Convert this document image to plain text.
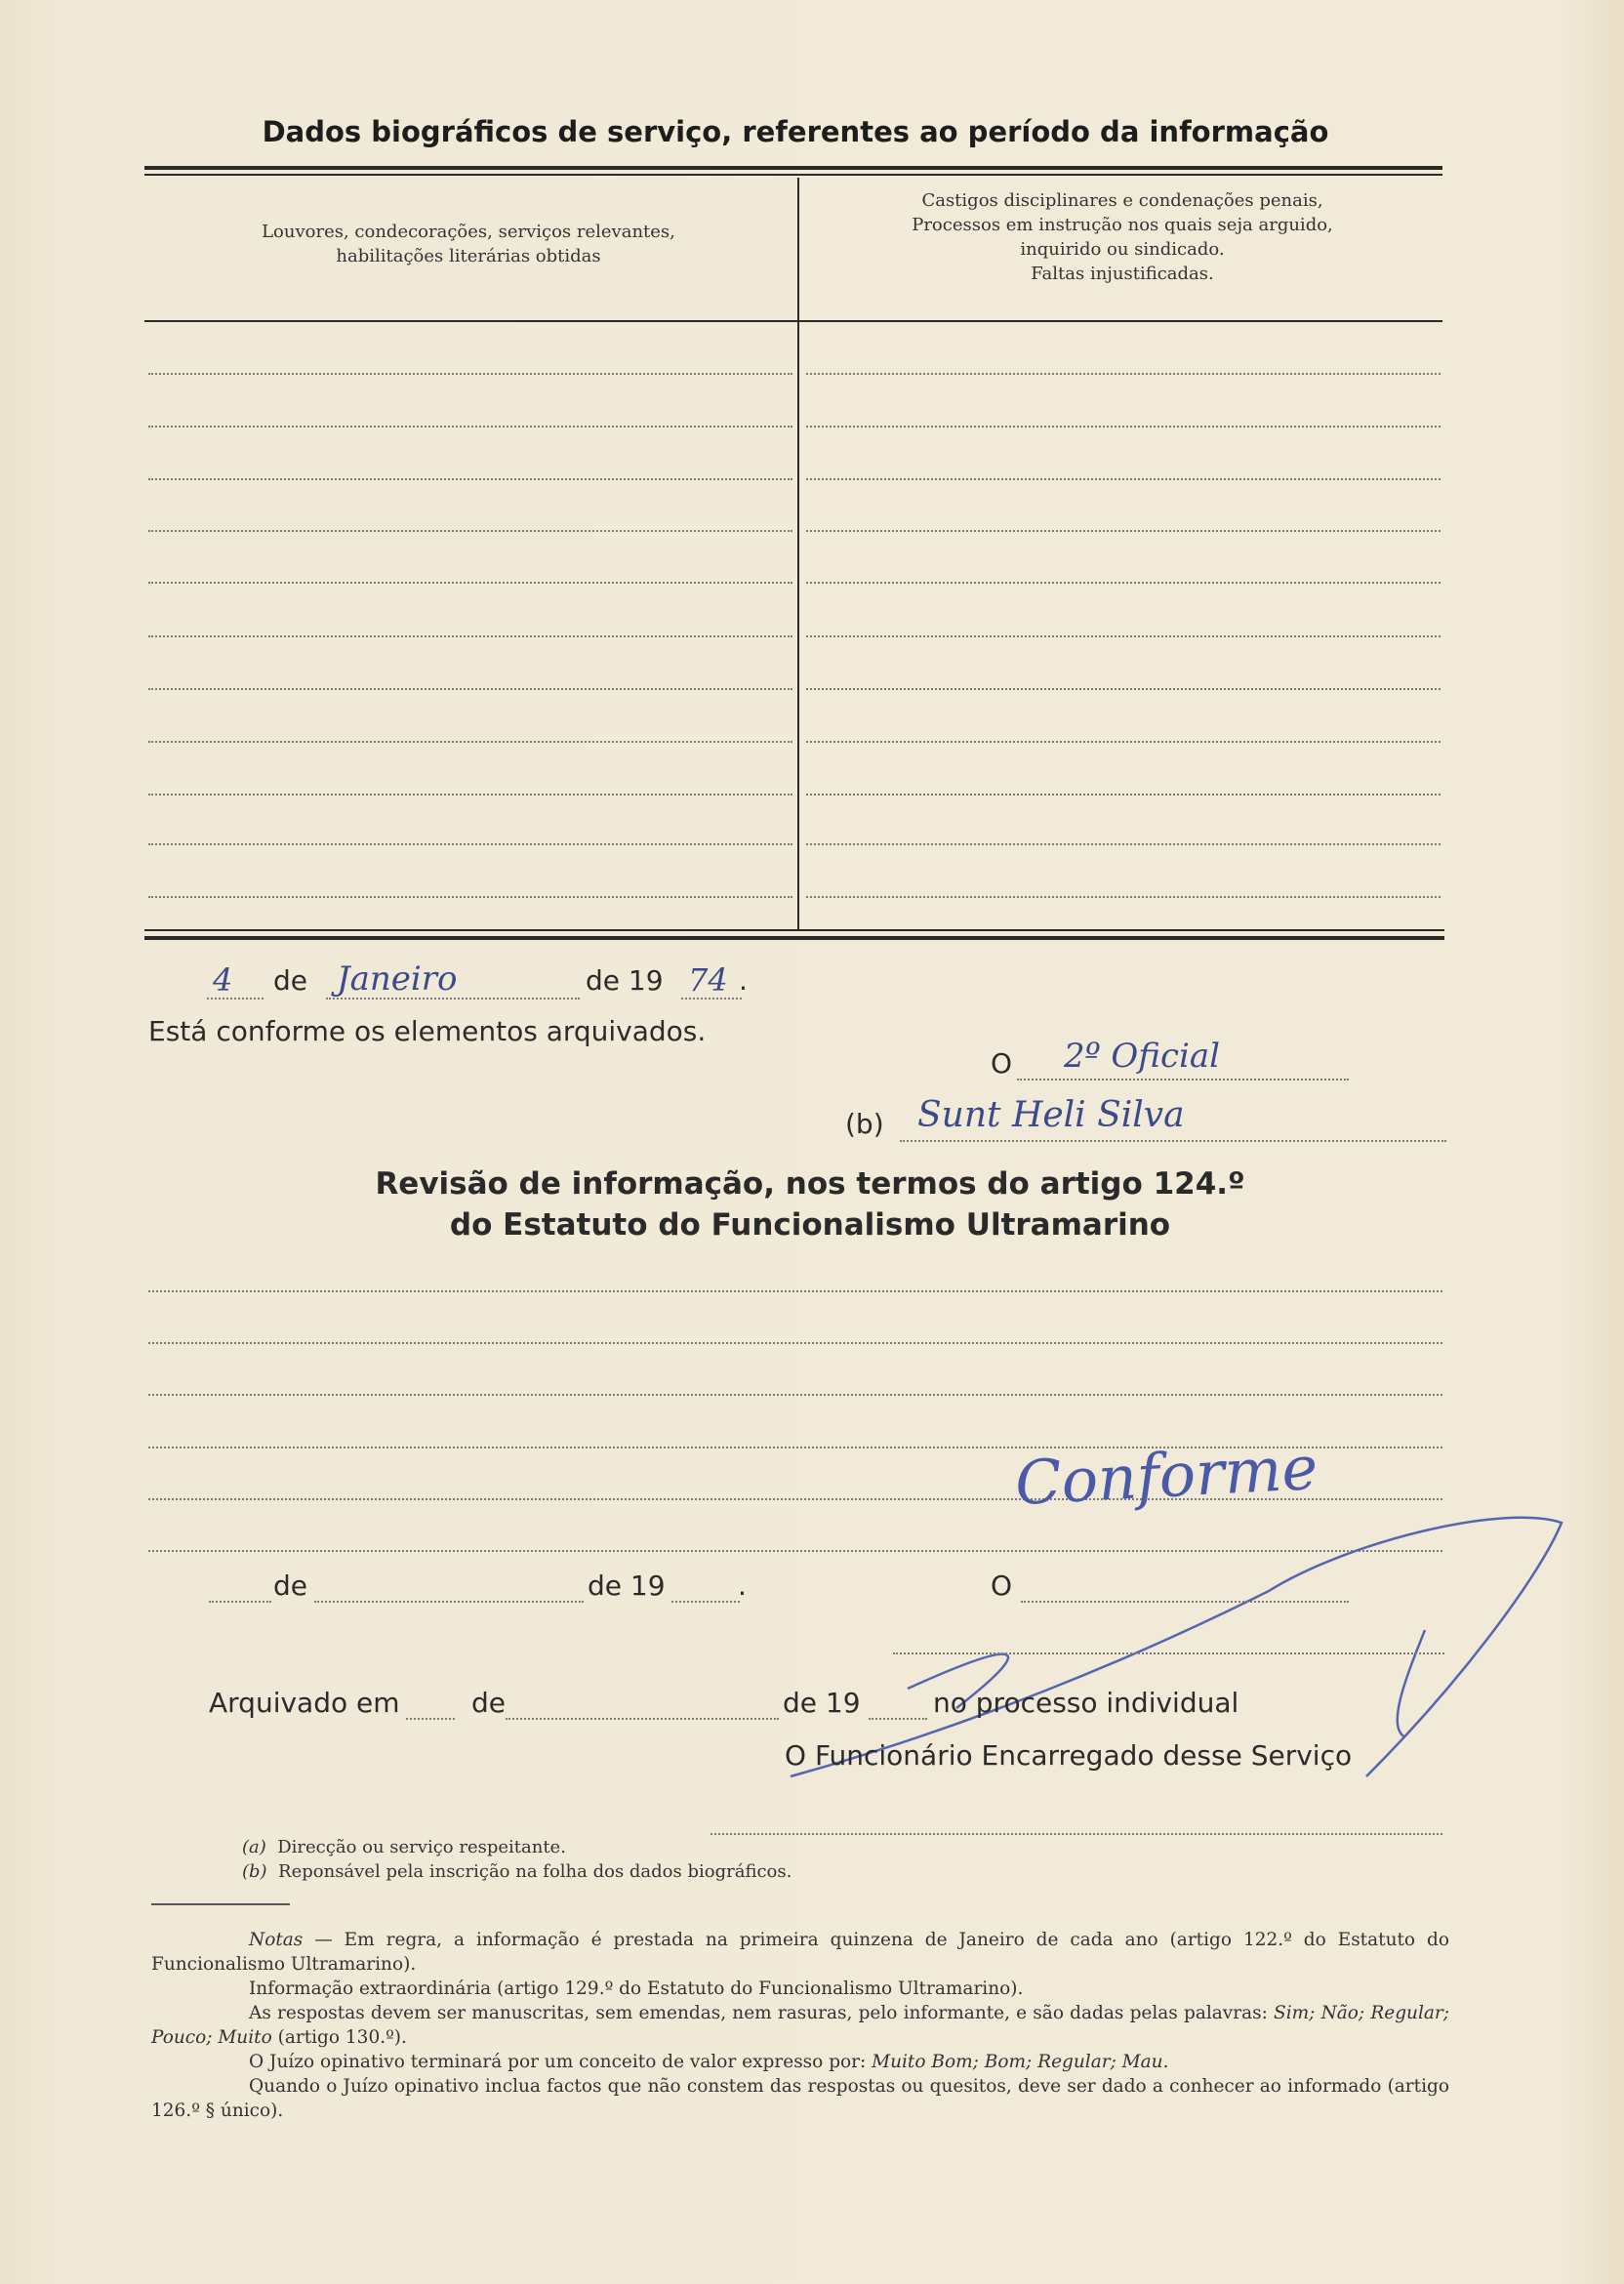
Dados biográficos de serviço, referentes ao período da informação
Louvores, condecorações, serviços relevantes,
habilitações literárias obtidas
Castigos disciplinares e condenações penais,
Processos em instrução nos quais seja arguido,
inquirido ou sindicado.
Faltas injustificadas.
4 de Janeiro	de 19 74 .
Está conforme os elementos arquivados.
O 2º Oficial
(b) Sunt Heli Silva
Revisão de informação, nos termos do artigo 124.º
do Estatuto do Funcionalismo Ultramarino
Conforme
de	de 19	.	O
Arquivado em	de	de 19	no processo individual
O Funcionário Encarregado desse Serviço
(a) Direcção ou serviço respeitante.
(b) Reponsável pela inscrição na folha dos dados biográficos.

Notas — Em regra, a informação é prestada na primeira quinzena de Janeiro de cada ano (artigo 122.º do Estatuto do Funcionalismo Ultramarino).

Informação extraordinária (artigo 129.º do Estatuto do Funcionalismo Ultramarino).

As respostas devem ser manuscritas, sem emendas, nem rasuras, pelo informante, e são dadas pelas palavras: Sim; Não; Regular; Pouco; Muito (artigo 130.º).

O Juízo opinativo terminará por um conceito de valor expresso por: Muito Bom; Bom; Regular; Mau.

Quando o Juízo opinativo inclua factos que não constem das respostas ou quesitos, deve ser dado a conhecer ao informado (artigo 126.º § único).
